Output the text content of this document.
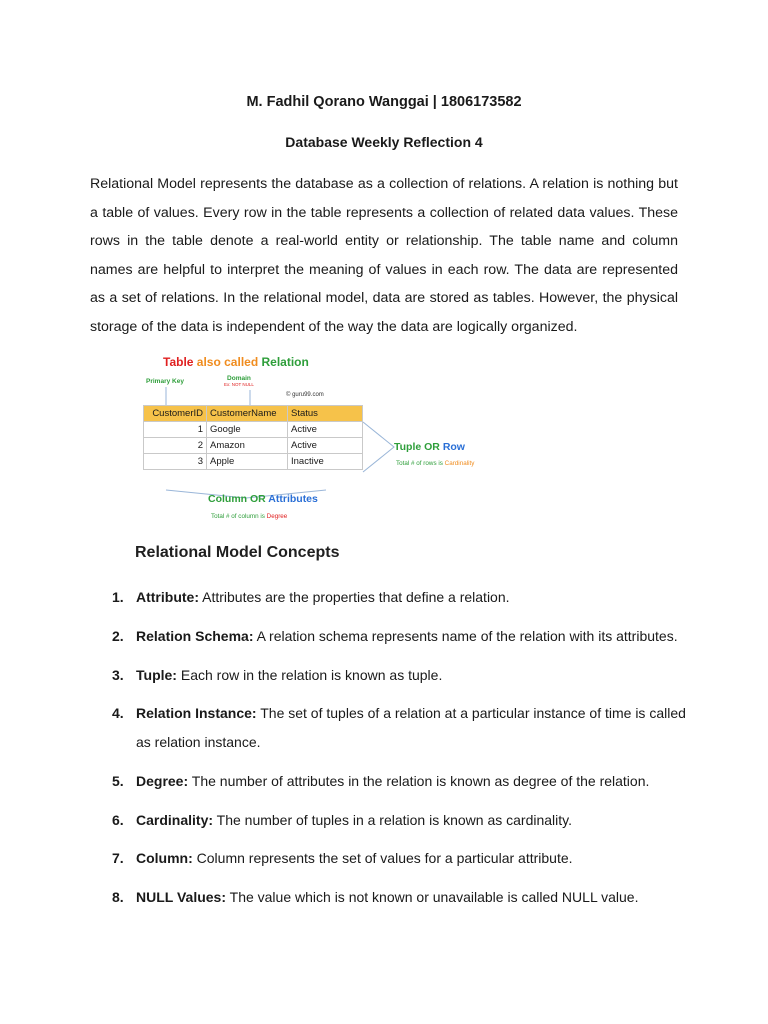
M. Fadhil Qorano Wanggai | 1806173582
Database Weekly Reflection 4

Relational Model represents the database as a collection of relations. A relation is nothing but a table of values. Every row in the table represents a collection of related data values. These rows in the table denote a real-world entity or relationship. The table name and column names are helpful to interpret the meaning of values in each row. The data are represented as a set of relations. In the relational model, data are stored as tables. However, the physical storage of the data is independent of the way the data are logically organized.

Table also called Relation
Primary Key	Domain
Ex: NOT NULL
© guru99.com
CustomerID	CustomerName	Status
1	Google	Active
2	Amazon	Active
3	Apple	Inactive
Tuple OR Row
Total # of rows is Cardinality
Column OR Attributes
Total # of column is Degree
Relational Model Concepts
1. Attribute: Attributes are the properties that define a relation.
2. Relation Schema: A relation schema represents name of the relation with its attributes.
3. Tuple: Each row in the relation is known as tuple.
4. Relation Instance: The set of tuples of a relation at a particular instance of time is called as relation instance.
5. Degree: The number of attributes in the relation is known as degree of the relation.
6. Cardinality: The number of tuples in a relation is known as cardinality.
7. Column: Column represents the set of values for a particular attribute.
8. NULL Values: The value which is not known or unavailable is called NULL value.
